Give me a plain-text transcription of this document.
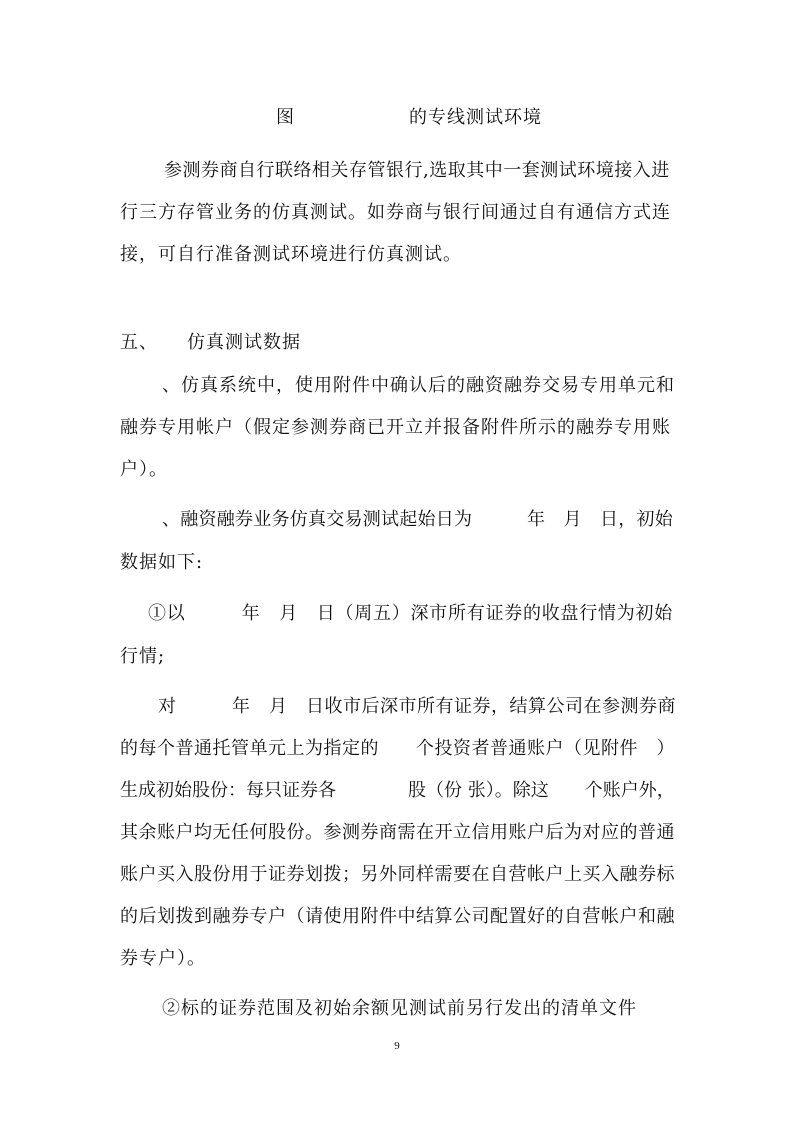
图　　　　　　的专线测试环境
参测券商自行联络相关存管银行,选取其中一套测试环境接入进
行三方存管业务的仿真测试。如券商与银行间通过自有通信方式连
接，可自行准备测试环境进行仿真测试。
五、　　仿真测试数据
、仿真系统中，使用附件中确认后的融资融券交易专用单元和
融券专用帐户（假定参测券商已开立并报备附件所示的融券专用账
户）。
、融资融券业务仿真交易测试起始日为　　　年　月　日，初始
数据如下:
①以　　　年　月　日（周五）深市所有证券的收盘行情为初始
行情;
对　　　年　月　日收市后深市所有证券，结算公司在参测券商
的每个普通托管单元上为指定的　　个投资者普通账户（见附件　）
生成初始股份：每只证券各　　　　股（份 张）。除这　　个账户外，
其余账户均无任何股份。参测券商需在开立信用账户后为对应的普通
账户买入股份用于证券划拨；另外同样需要在自营帐户上买入融券标
的后划拨到融券专户（请使用附件中结算公司配置好的自营帐户和融
券专户）。
②标的证券范围及初始余额见测试前另行发出的清单文件
9
